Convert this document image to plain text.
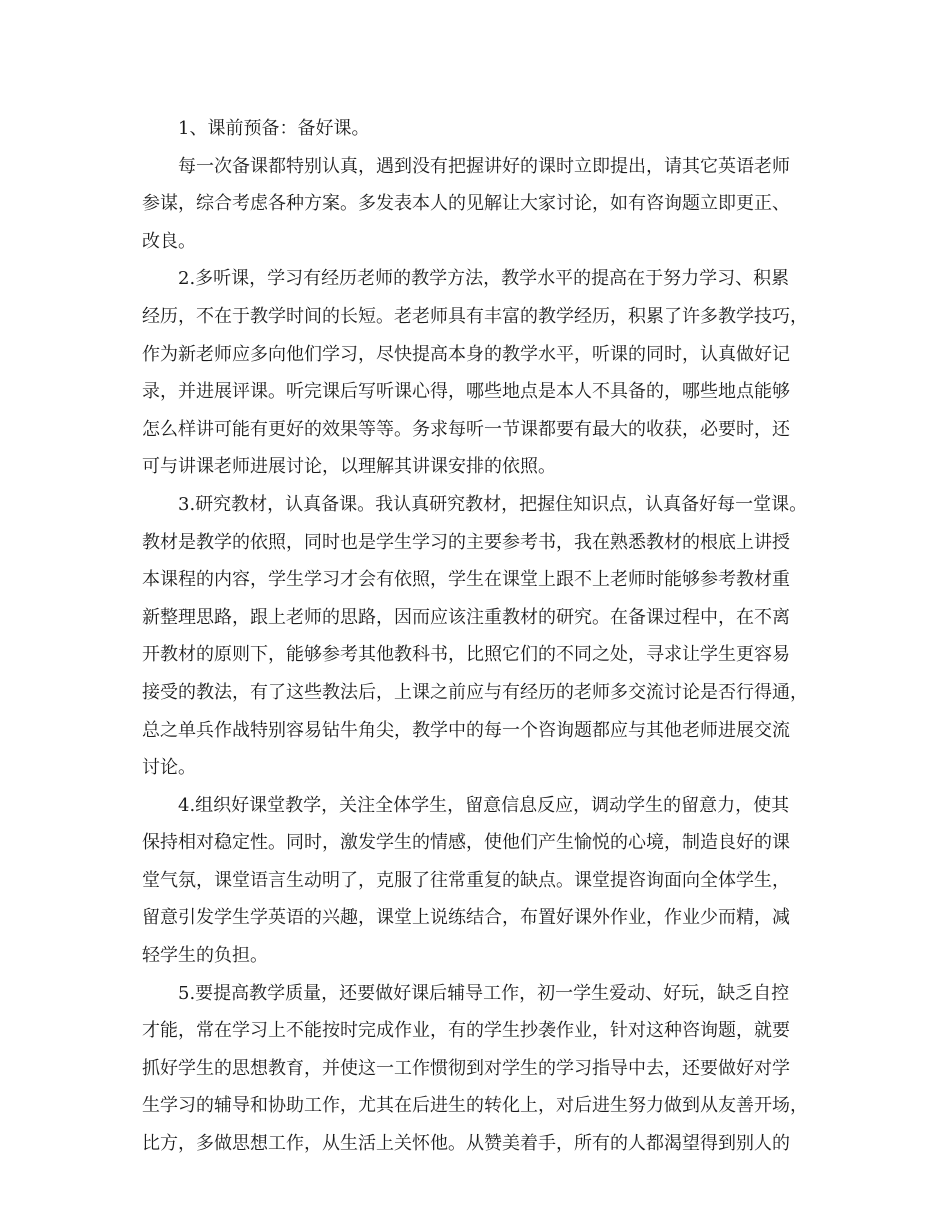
1、课前预备：备好课。
每一次备课都特别认真，遇到没有把握讲好的课时立即提出，请其它英语老师
参谋，综合考虑各种方案。多发表本人的见解让大家讨论，如有咨询题立即更正、
改良。
2.多听课，学习有经历老师的教学方法，教学水平的提高在于努力学习、积累
经历，不在于教学时间的长短。老老师具有丰富的教学经历，积累了许多教学技巧，
作为新老师应多向他们学习，尽快提高本身的教学水平，听课的同时，认真做好记
录，并进展评课。听完课后写听课心得，哪些地点是本人不具备的，哪些地点能够
怎么样讲可能有更好的效果等等。务求每听一节课都要有最大的收获，必要时，还
可与讲课老师进展讨论，以理解其讲课安排的依照。
3.研究教材，认真备课。我认真研究教材，把握住知识点，认真备好每一堂课。
教材是教学的依照，同时也是学生学习的主要参考书，我在熟悉教材的根底上讲授
本课程的内容，学生学习才会有依照，学生在课堂上跟不上老师时能够参考教材重
新整理思路，跟上老师的思路，因而应该注重教材的研究。在备课过程中，在不离
开教材的原则下，能够参考其他教科书，比照它们的不同之处，寻求让学生更容易
接受的教法，有了这些教法后，上课之前应与有经历的老师多交流讨论是否行得通，
总之单兵作战特别容易钻牛角尖，教学中的每一个咨询题都应与其他老师进展交流
讨论。
4.组织好课堂教学，关注全体学生，留意信息反应，调动学生的留意力，使其
保持相对稳定性。同时，激发学生的情感，使他们产生愉悦的心境，制造良好的课
堂气氛，课堂语言生动明了，克服了往常重复的缺点。课堂提咨询面向全体学生，
留意引发学生学英语的兴趣，课堂上说练结合，布置好课外作业，作业少而精，减
轻学生的负担。
5.要提高教学质量，还要做好课后辅导工作，初一学生爱动、好玩，缺乏自控
才能，常在学习上不能按时完成作业，有的学生抄袭作业，针对这种咨询题，就要
抓好学生的思想教育，并使这一工作惯彻到对学生的学习指导中去，还要做好对学
生学习的辅导和协助工作，尤其在后进生的转化上，对后进生努力做到从友善开场，
比方，多做思想工作，从生活上关怀他。从赞美着手，所有的人都渴望得到别人的
